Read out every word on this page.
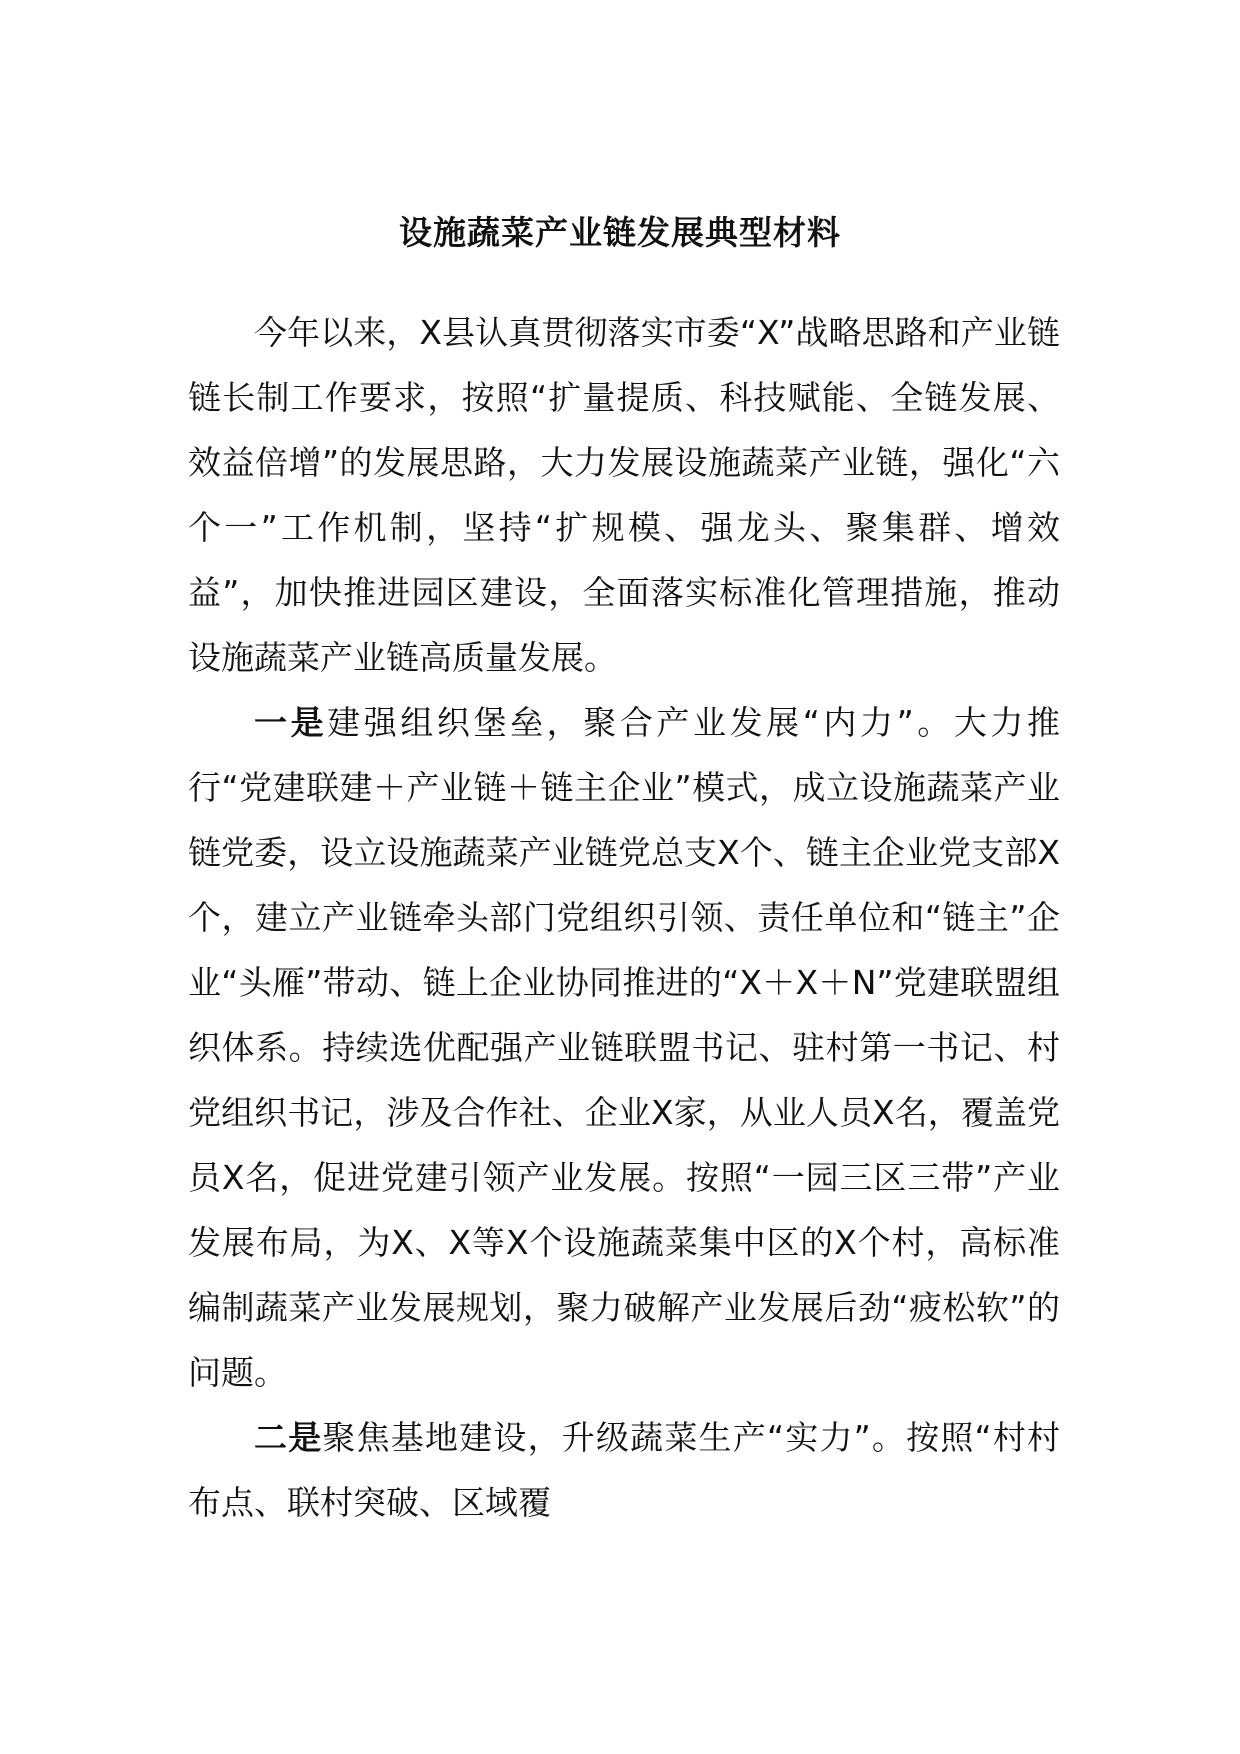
设施蔬菜产业链发展典型材料

今年以来，X县认真贯彻落实市委“X”战略思路和产业链链长制工作要求，按照“扩量提质、科技赋能、全链发展、效益倍增”的发展思路，大力发展设施蔬菜产业链，强化“六个一”工作机制，坚持“扩规模、强龙头、聚集群、增效益”，加快推进园区建设，全面落实标准化管理措施，推动设施蔬菜产业链高质量发展。

一是建强组织堡垒，聚合产业发展“内力”。大力推行“党建联建＋产业链＋链主企业”模式，成立设施蔬菜产业链党委，设立设施蔬菜产业链党总支X个、链主企业党支部X个，建立产业链牵头部门党组织引领、责任单位和“链主”企业“头雁”带动、链上企业协同推进的“X＋X＋N”党建联盟组织体系。持续选优配强产业链联盟书记、驻村第一书记、村党组织书记，涉及合作社、企业X家，从业人员X名，覆盖党员X名，促进党建引领产业发展。按照“一园三区三带”产业发展布局，为X、X等X个设施蔬菜集中区的X个村，高标准编制蔬菜产业发展规划，聚力破解产业发展后劲“疲松软”的问题。

二是聚焦基地建设，升级蔬菜生产“实力”。按照“村村布点、联村突破、区域覆
